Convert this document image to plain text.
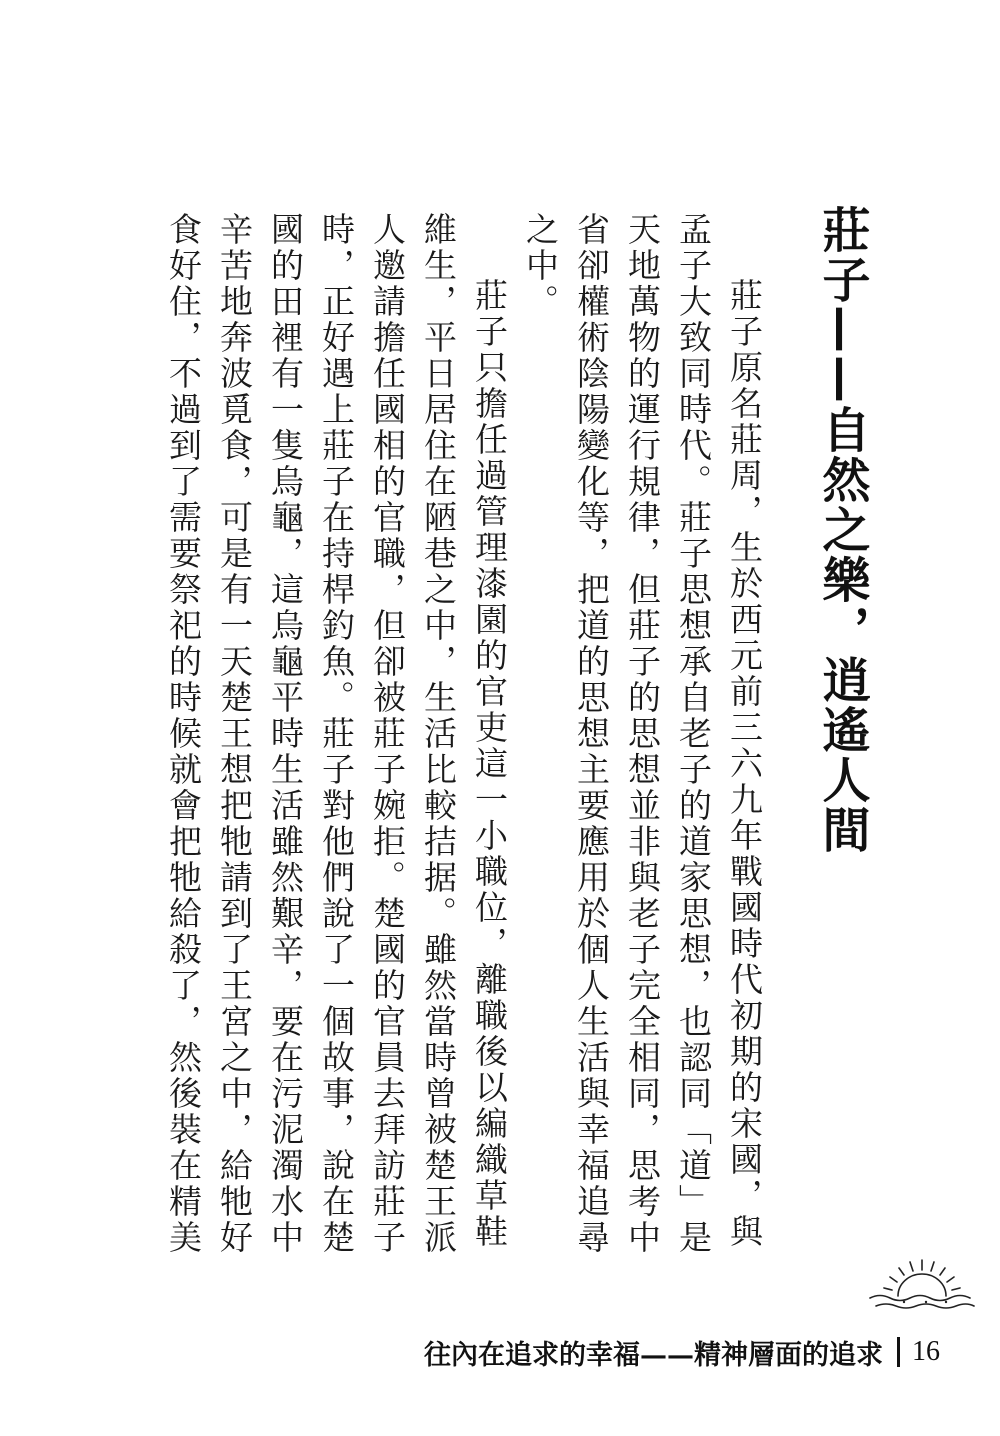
莊子——自然之樂，逍遙人間

莊子原名莊周，生於西元前三六九年戰國時代初期的宋國，與孟子大致同時代。莊子思想承自老子的道家思想，也認同「道」是天地萬物的運行規律，但莊子的思想並非與老子完全相同，思考中省卻權術陰陽變化等，把道的思想主要應用於個人生活與幸福追尋之中。

莊子只擔任過管理漆園的官吏這一小職位，離職後以編織草鞋維生，平日居住在陋巷之中，生活比較拮据。雖然當時曾被楚王派人邀請擔任國相的官職，但卻被莊子婉拒。楚國的官員去拜訪莊子時，正好遇上莊子在持桿釣魚。莊子對他們說了一個故事，說在楚國的田裡有一隻烏龜，這烏龜平時生活雖然艱辛，要在污泥濁水中辛苦地奔波覓食，可是有一天楚王想把牠請到了王宮之中，給牠好食好住，不過到了需要祭祀的時候就會把牠給殺了，然後裝在精美

往內在追求的幸福——精神層面的追求 16
